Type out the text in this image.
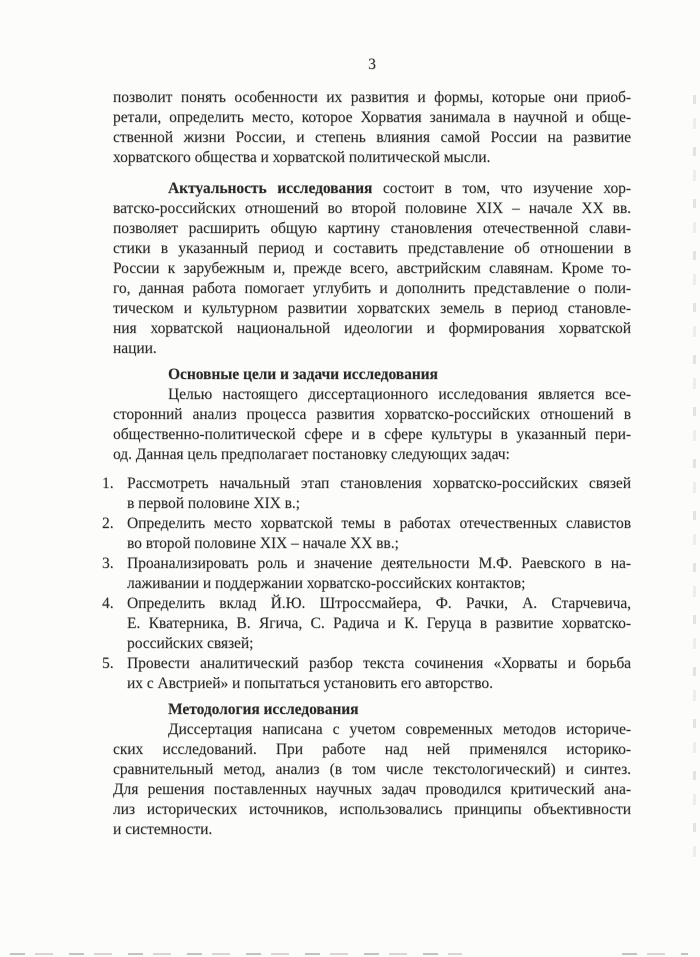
3
позволит понять особенности их развития и формы, которые они приоб-
ретали, определить место, которое Хорватия занимала в научной и обще-
ственной жизни России, и степень влияния самой России на развитие
хорватского общества и хорватской политической мысли.
Актуальность исследования состоит в том, что изучение хор-
ватско-российских отношений во второй половине XIX – начале XX вв.
позволяет расширить общую картину становления отечественной слави-
стики в указанный период и составить представление об отношении в
России к зарубежным и, прежде всего, австрийским славянам. Кроме то-
го, данная работа помогает углубить и дополнить представление о поли-
тическом и культурном развитии хорватских земель в период становле-
ния хорватской национальной идеологии и формирования хорватской
нации.
Основные цели и задачи исследования
Целью настоящего диссертационного исследования является все-
сторонний анализ процесса развития хорватско-российских отношений в
общественно-политической сфере и в сфере культуры в указанный пери-
од. Данная цель предполагает постановку следующих задач:
1. Рассмотреть начальный этап становления хорватско-российских связей
в первой половине XIX в.;
2. Определить место хорватской темы в работах отечественных славистов
во второй половине XIX – начале XX вв.;
3. Проанализировать роль и значение деятельности М.Ф. Раевского в на-
лаживании и поддержании хорватско-российских контактов;
4. Определить вклад Й.Ю. Штроссмайера, Ф. Рачки, А. Старчевича,
Е. Кватерника, В. Ягича, С. Радича и К. Геруца в развитие хорватско-
российских связей;
5. Провести аналитический разбор текста сочинения «Хорваты и борьба
их с Австрией» и попытаться установить его авторство.
Методология исследования
Диссертация написана с учетом современных методов историче-
ских исследований. При работе над ней применялся историко-
сравнительный метод, анализ (в том числе текстологический) и синтез.
Для решения поставленных научных задач проводился критический ана-
лиз исторических источников, использовались принципы объективности
и системности.
